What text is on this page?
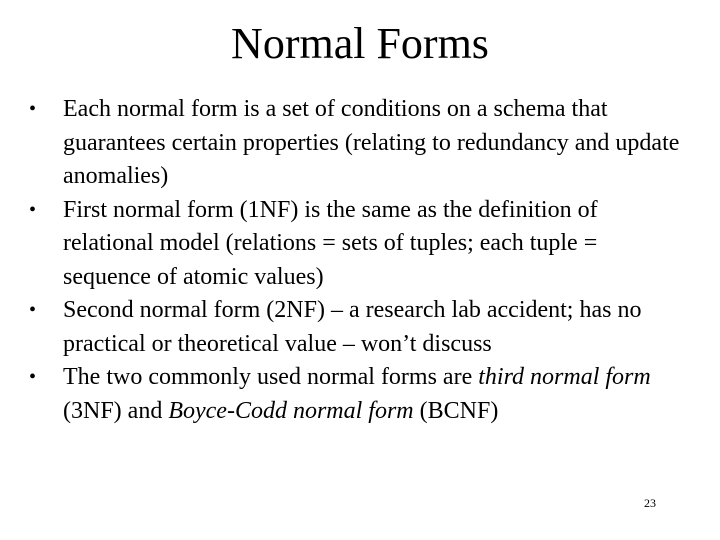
Normal Forms
• Each normal form is a set of conditions on a schema that guarantees certain properties (relating to redundancy and update anomalies)
• First normal form (1NF) is the same as the definition of relational model (relations = sets of tuples; each tuple = sequence of atomic values)
• Second normal form (2NF) – a research lab accident; has no practical or theoretical value – won’t discuss
• The two commonly used normal forms are third normal form (3NF) and Boyce-Codd normal form (BCNF)
23
